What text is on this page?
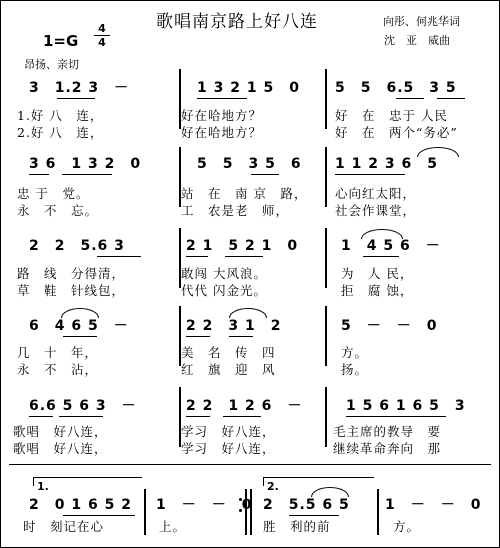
歌唱南京路上好八连
1=G
4
4
向彤、何兆华词
沈　亚　威曲
昂扬、亲切
3　1.2 3　－	1 3 2 1 5　0	5　5　6.5　3 5
1.好 八　连，	好在哈地方？	好　在　忠于 人民
2.好 八　连，	好在哈地方？	好　在　两个“务必”
3 6　1 3 2　0	5　5　3 5　6 1 1 2 3 6　5
忠 于　党。	站　在　南 京　路， 心向红太阳，
永　不　忘。	工　农是老　师，	社会作课堂，
2　2　5.6 3	2 1　5 2 1　0	1　4 5 6　－
路　线　分得清，	敢闯 大风浪。	为　人 民，
草　鞋　针线包，	代代 闪金光。	拒　腐 蚀，
6　4 6 5　－	2 2　3 1　2	5　－　－　0
几　十　年，	美　名　传　四	方。
永　不　沾，	红　旗　迎　风	扬。
6.6 5 6 3　－	2 2　1 2 6　－	1 5 6 1 6 5　3
歌唱　好八连，	学习　好八连，	毛主席的教导　要
歌唱　好八连，	学习　好八连，	继续革命奔向　那
1.	2.
2　0 1 6 5 2 1　－　－　0 2　5.5 6 5	1　－　－　0
时　刻记在心	上。	胜　利的前	方。
